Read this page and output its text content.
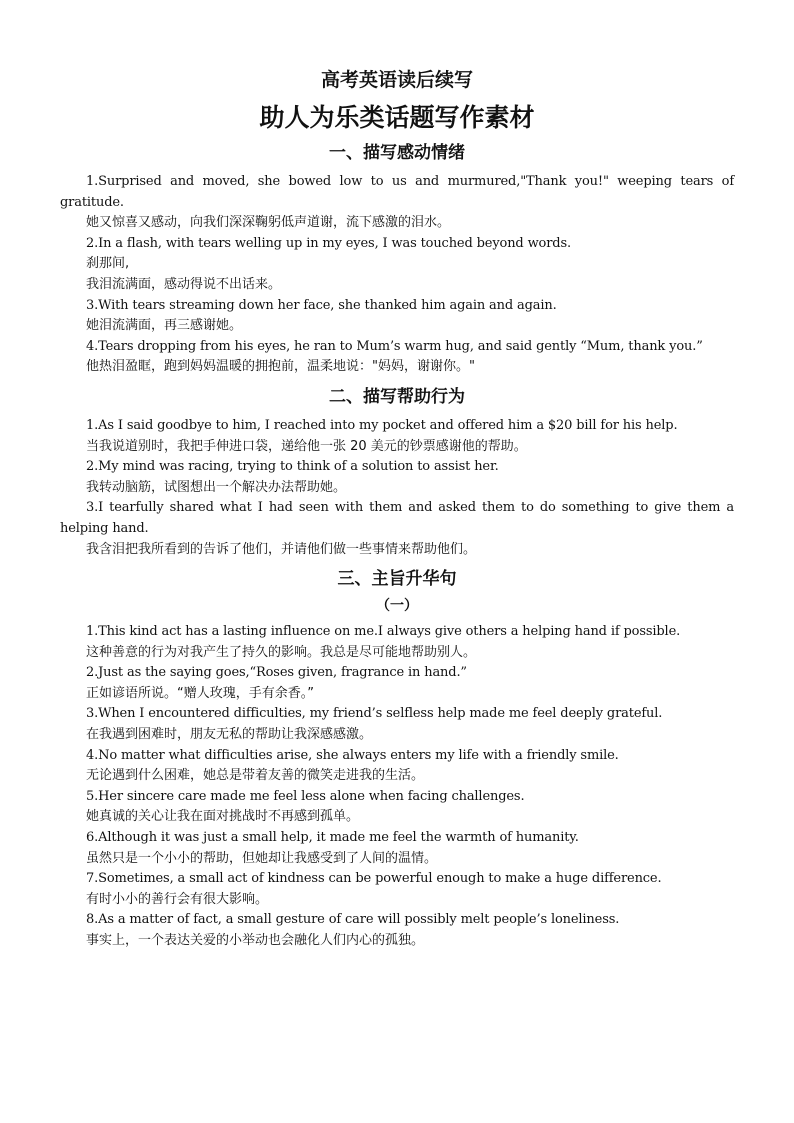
高考英语读后续写
助人为乐类话题写作素材
一、描写感动情绪

1.Surprised and moved, she bowed low to us and murmured,"Thank you!" weeping tears of gratitude.

她又惊喜又感动，向我们深深鞠躬低声道谢，流下感激的泪水。

2.In a flash, with tears welling up in my eyes, I was touched beyond words.

刹那间,

我泪流满面，感动得说不出话来。

3.With tears streaming down her face, she thanked him again and again.

她泪流满面，再三感谢她。

4.Tears dropping from his eyes, he ran to Mum’s warm hug, and said gently “Mum, thank you.”

他热泪盈眶，跑到妈妈温暖的拥抱前，温柔地说："妈妈，谢谢你。"

二、描写帮助行为

1.As I said goodbye to him, I reached into my pocket and offered him a $20 bill for his help.

当我说道别时，我把手伸进口袋，递给他一张 20 美元的钞票感谢他的帮助。

2.My mind was racing, trying to think of a solution to assist her.

我转动脑筋，试图想出一个解决办法帮助她。

3.I tearfully shared what I had seen with them and asked them to do something to give them a helping hand.

我含泪把我所看到的告诉了他们，并请他们做一些事情来帮助他们。

三、主旨升华句
（一）

1.This kind act has a lasting influence on me.I always give others a helping hand if possible.

这种善意的行为对我产生了持久的影响。我总是尽可能地帮助别人。

2.Just as the saying goes,“Roses given, fragrance in hand.”

正如谚语所说。“赠人玫瑰，手有余香。”

3.When I encountered difficulties, my friend’s selfless help made me feel deeply grateful.

在我遇到困难时，朋友无私的帮助让我深感感激。

4.No matter what difficulties arise, she always enters my life with a friendly smile.

无论遇到什么困难，她总是带着友善的微笑走进我的生活。

5.Her sincere care made me feel less alone when facing challenges.

她真诚的关心让我在面对挑战时不再感到孤单。

6.Although it was just a small help, it made me feel the warmth of humanity.

虽然只是一个小小的帮助，但她却让我感受到了人间的温情。

7.Sometimes, a small act of kindness can be powerful enough to make a huge difference.

有时小小的善行会有很大影响。

8.As a matter of fact, a small gesture of care will possibly melt people’s loneliness.

事实上，一个表达关爱的小举动也会融化人们内心的孤独。
